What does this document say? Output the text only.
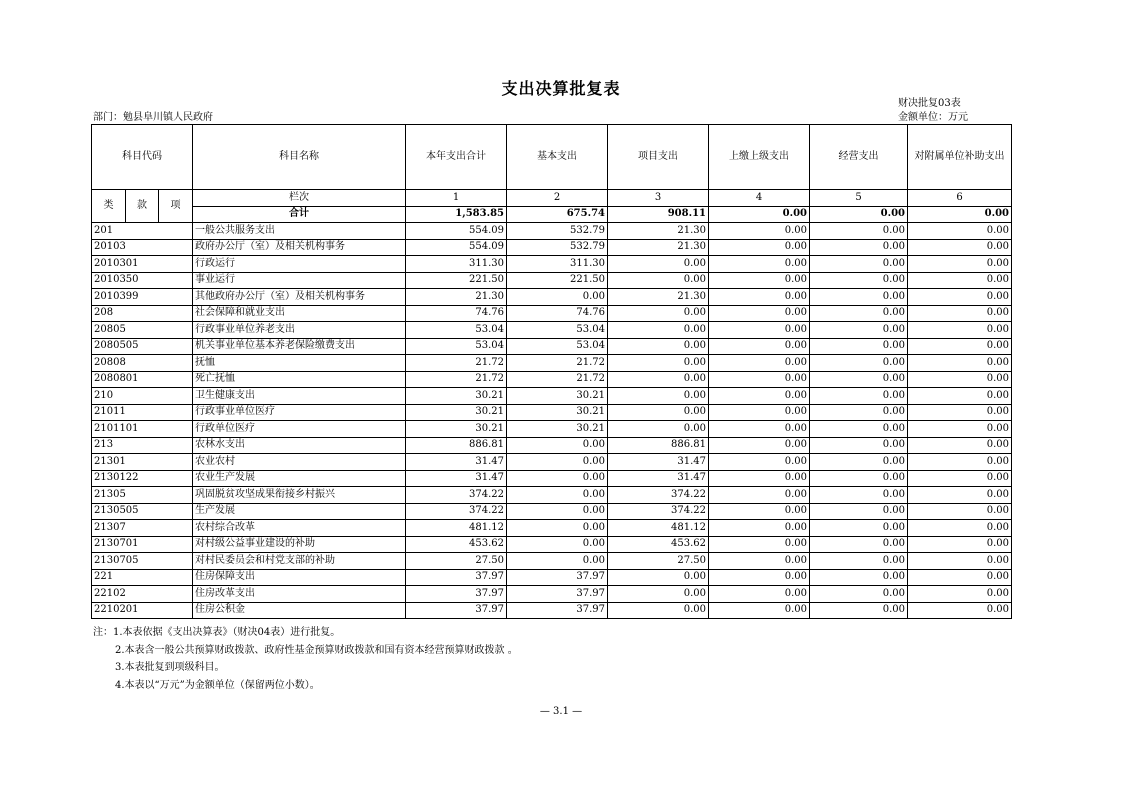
支出决算批复表
财决批复03表
部门：勉县阜川镇人民政府	金额单位：万元
科目代码			科目名称	本年支出合计	基本支出	项目支出	上缴上级支出	经营支出	对附属单位补助支出
类	款	项	栏次	1	2	3	4	5	6
			合计	1,583.85	675.74	908.11	0.00	0.00	0.00
201			一般公共服务支出	554.09	532.79	21.30	0.00	0.00	0.00
20103			政府办公厅（室）及相关机构事务	554.09	532.79	21.30	0.00	0.00	0.00
2010301			行政运行	311.30	311.30	0.00	0.00	0.00	0.00
2010350			事业运行	221.50	221.50	0.00	0.00	0.00	0.00
2010399			其他政府办公厅（室）及相关机构事务	21.30	0.00	21.30	0.00	0.00	0.00
208			社会保障和就业支出	74.76	74.76	0.00	0.00	0.00	0.00
20805			行政事业单位养老支出	53.04	53.04	0.00	0.00	0.00	0.00
2080505			机关事业单位基本养老保险缴费支出	53.04	53.04	0.00	0.00	0.00	0.00
20808			抚恤	21.72	21.72	0.00	0.00	0.00	0.00
2080801			死亡抚恤	21.72	21.72	0.00	0.00	0.00	0.00
210			卫生健康支出	30.21	30.21	0.00	0.00	0.00	0.00
21011			行政事业单位医疗	30.21	30.21	0.00	0.00	0.00	0.00
2101101			行政单位医疗	30.21	30.21	0.00	0.00	0.00	0.00
213			农林水支出	886.81	0.00	886.81	0.00	0.00	0.00
21301			农业农村	31.47	0.00	31.47	0.00	0.00	0.00
2130122			农业生产发展	31.47	0.00	31.47	0.00	0.00	0.00
21305			巩固脱贫攻坚成果衔接乡村振兴	374.22	0.00	374.22	0.00	0.00	0.00
2130505			生产发展	374.22	0.00	374.22	0.00	0.00	0.00
21307			农村综合改革	481.12	0.00	481.12	0.00	0.00	0.00
2130701			对村级公益事业建设的补助	453.62	0.00	453.62	0.00	0.00	0.00
2130705			对村民委员会和村党支部的补助	27.50	0.00	27.50	0.00	0.00	0.00
221			住房保障支出	37.97	37.97	0.00	0.00	0.00	0.00
22102			住房改革支出	37.97	37.97	0.00	0.00	0.00	0.00
2210201			住房公积金	37.97	37.97	0.00	0.00	0.00	0.00
注：1.本表依据《支出决算表》（财决04表）进行批复。
2.本表含一般公共预算财政拨款、政府性基金预算财政拨款和国有资本经营预算财政拨款 。
3.本表批复到项级科目。
4.本表以“万元”为金额单位（保留两位小数）。
— 3.1 —
